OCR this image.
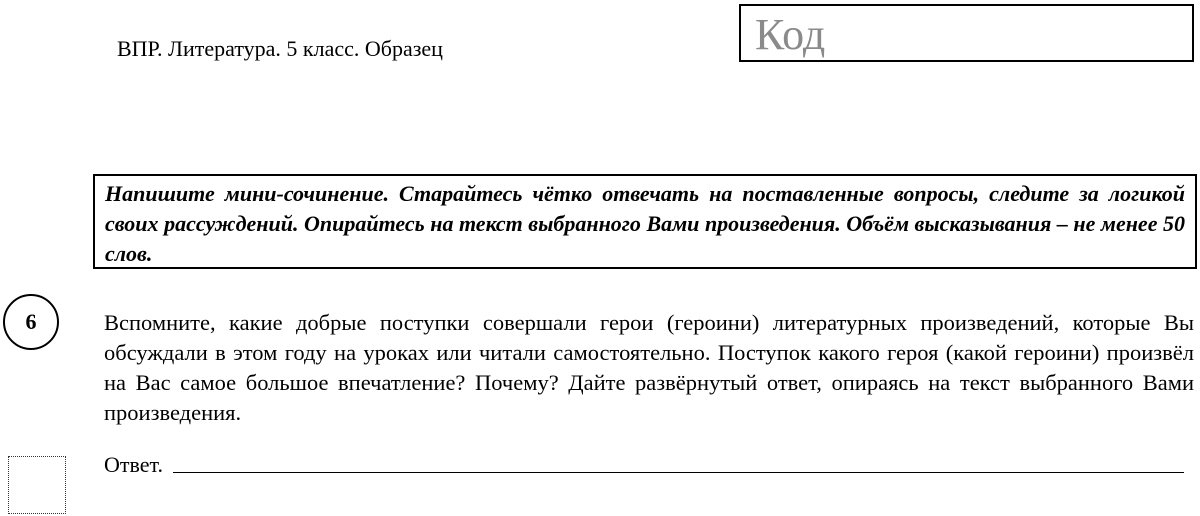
ВПР. Литература. 5 класс. Образец	Код
Напишите мини-сочинение. Старайтесь чётко отвечать на поставленные вопросы, следите за логикой своих рассуждений. Опирайтесь на текст выбранного Вами произведения. Объём высказывания – не менее 50 слов.
6	Вспомните, какие добрые поступки совершали герои (героини) литературных произведений, которые Вы обсуждали в этом году на уроках или читали самостоятельно. Поступок какого героя (какой героини) произвёл на Вас самое большое впечатление? Почему? Дайте развёрнутый ответ, опираясь на текст выбранного Вами произведения.
Ответ.
